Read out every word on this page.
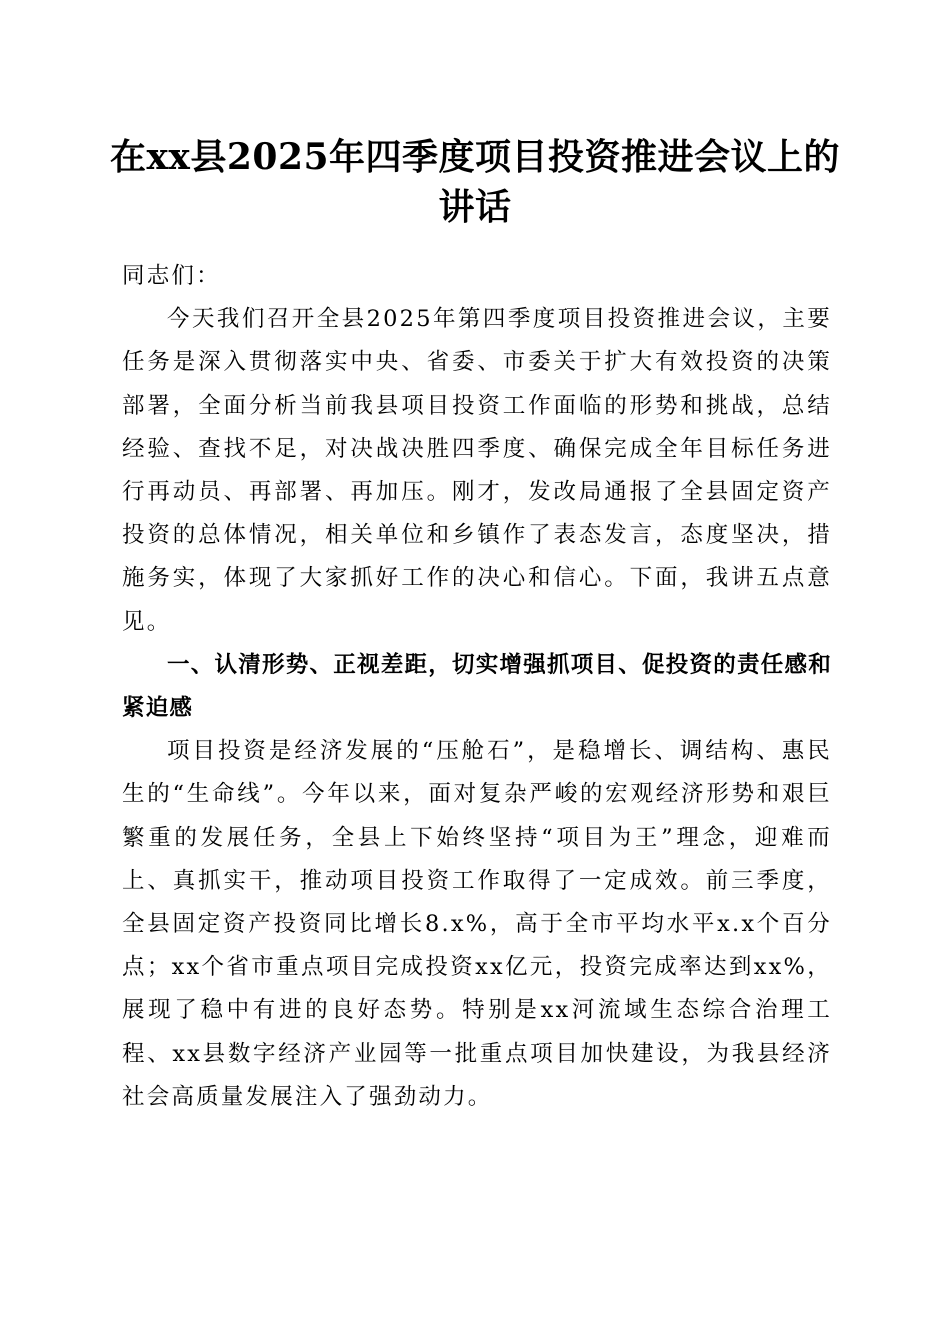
在xx县2025年四季度项目投资推进会议上的讲话

同志们：

今天我们召开全县2025年第四季度项目投资推进会议，主要任务是深入贯彻落实中央、省委、市委关于扩大有效投资的决策部署，全面分析当前我县项目投资工作面临的形势和挑战，总结经验、查找不足，对决战决胜四季度、确保完成全年目标任务进行再动员、再部署、再加压。刚才，发改局通报了全县固定资产投资的总体情况，相关单位和乡镇作了表态发言，态度坚决，措施务实，体现了大家抓好工作的决心和信心。下面，我讲五点意见。

一、认清形势、正视差距，切实增强抓项目、促投资的责任感和紧迫感

项目投资是经济发展的“压舱石”，是稳增长、调结构、惠民生的“生命线”。今年以来，面对复杂严峻的宏观经济形势和艰巨繁重的发展任务，全县上下始终坚持“项目为王”理念，迎难而上、真抓实干，推动项目投资工作取得了一定成效。前三季度，全县固定资产投资同比增长8.x%，高于全市平均水平x.x个百分点；xx个省市重点项目完成投资xx亿元，投资完成率达到xx%，展现了稳中有进的良好态势。特别是xx河流域生态综合治理工程、xx县数字经济产业园等一批重点项目加快建设，为我县经济社会高质量发展注入了强劲动力。
